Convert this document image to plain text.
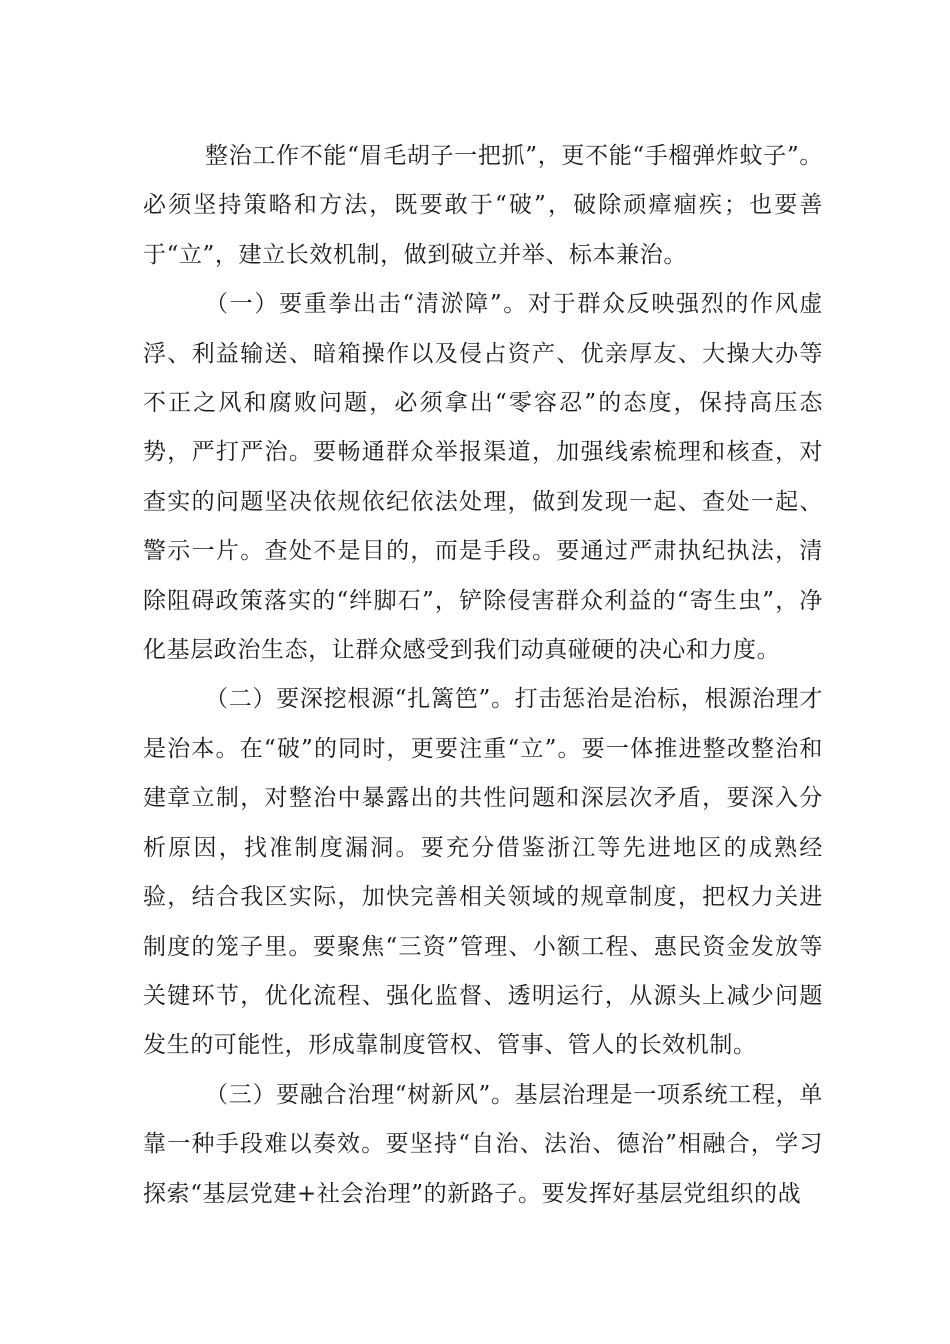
整治工作不能“眉毛胡子一把抓”，更不能“手榴弹炸蚊子”。必须坚持策略和方法，既要敢于“破”，破除顽瘴痼疾；也要善于“立”，建立长效机制，做到破立并举、标本兼治。

（一）要重拳出击“清淤障”。对于群众反映强烈的作风虚浮、利益输送、暗箱操作以及侵占资产、优亲厚友、大操大办等不正之风和腐败问题，必须拿出“零容忍”的态度，保持高压态势，严打严治。要畅通群众举报渠道，加强线索梳理和核查，对查实的问题坚决依规依纪依法处理，做到发现一起、查处一起、警示一片。查处不是目的，而是手段。要通过严肃执纪执法，清除阻碍政策落实的“绊脚石”，铲除侵害群众利益的“寄生虫”，净化基层政治生态，让群众感受到我们动真碰硬的决心和力度。

（二）要深挖根源“扎篱笆”。打击惩治是治标，根源治理才是治本。在“破”的同时，更要注重“立”。要一体推进整改整治和建章立制，对整治中暴露出的共性问题和深层次矛盾，要深入分析原因，找准制度漏洞。要充分借鉴浙江等先进地区的成熟经验，结合我区实际，加快完善相关领域的规章制度，把权力关进制度的笼子里。要聚焦“三资”管理、小额工程、惠民资金发放等关键环节，优化流程、强化监督、透明运行，从源头上减少问题发生的可能性，形成靠制度管权、管事、管人的长效机制。

（三）要融合治理“树新风”。基层治理是一项系统工程，单靠一种手段难以奏效。要坚持“自治、法治、德治”相融合，学习探索“基层党建+社会治理”的新路子。要发挥好基层党组织的战
